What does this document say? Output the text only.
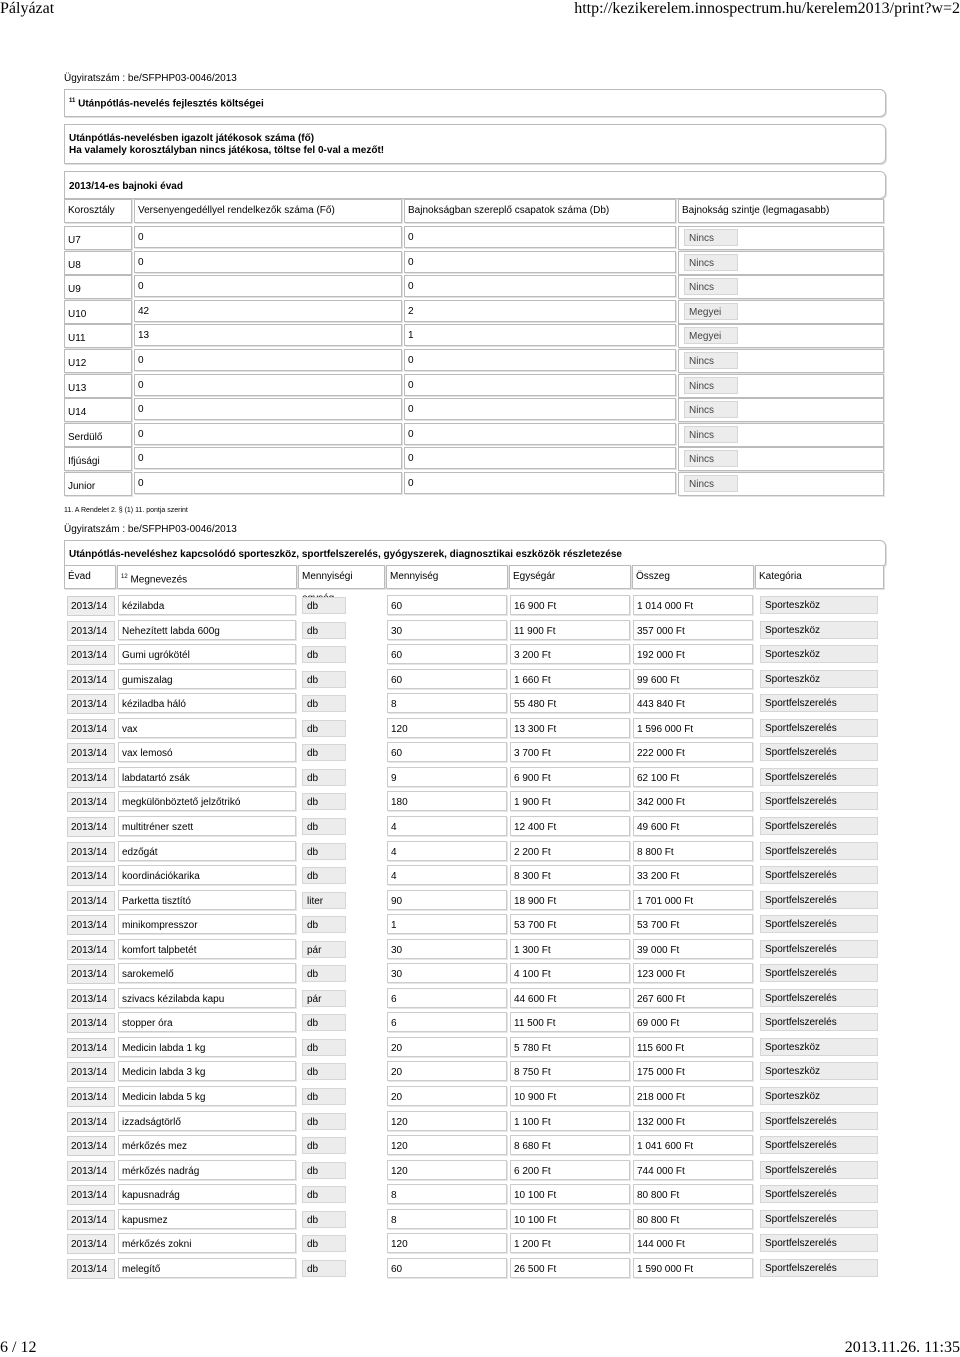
Pályázat	http://kezikerelem.innospectrum.hu/kerelem2013/print?w=2
Ügyiratszám : be/SFPHP03-0046/2013
$^{11}$ Utánpótlás-nevelés fejlesztés költségei
Utánpótlás-nevelésben igazolt játékosok száma (fő)
Ha valamely korosztályban nincs játékosa, töltse fel 0-val a mezőt!
2013/14-es bajnoki évad
Korosztály	Versenyengedéllyel rendelkezők száma (Fő)	Bajnokságban szereplő csapatok száma (Db)	Bajnokság szintje (legmagasabb)
U7	0	0	Nincs
U8	0	0	Nincs
U9	0	0	Nincs
U10	42	2	Megyei
U11	13	1	Megyei
U12	0	0	Nincs
U13	0	0	Nincs
U14	0	0	Nincs
Serdülő	0	0	Nincs
Ifjúsági	0	0	Nincs
Junior	0	0	Nincs
11. A Rendelet 2. § (1) 11. pontja szerint
Ügyiratszám : be/SFPHP03-0046/2013
Utánpótlás-neveléshez kapcsolódó sporteszköz, sportfelszerelés, gyógyszerek, diagnosztikai eszközök részletezése
Évad	$^{12}$ Megnevezés	Mennyiségi	Mennyiség	Egységár	Összeg	Kategória
2013/14	kézilabda	db	60	16 900 Ft	1 014 000 Ft	Sporteszköz
2013/14	Nehezített labda 600g	db	30	11 900 Ft	357 000 Ft	Sporteszköz
2013/14	Gumi ugrókötél	db	60	3 200 Ft	192 000 Ft	Sporteszköz
2013/14	gumiszalag	db	60	1 660 Ft	99 600 Ft	Sporteszköz
2013/14	kéziladba háló	db	8	55 480 Ft	443 840 Ft	Sportfelszerelés
2013/14	vax	db	120	13 300 Ft	1 596 000 Ft	Sportfelszerelés
2013/14	vax lemosó	db	60	3 700 Ft	222 000 Ft	Sportfelszerelés
2013/14	labdatartó zsák	db	9	6 900 Ft	62 100 Ft	Sportfelszerelés
2013/14	megkülönböztető jelzőtrikó	db	180	1 900 Ft	342 000 Ft	Sportfelszerelés
2013/14	multitréner szett	db	4	12 400 Ft	49 600 Ft	Sportfelszerelés
2013/14	edzőgát	db	4	2 200 Ft	8 800 Ft	Sportfelszerelés
2013/14	koordinációkarika	db	4	8 300 Ft	33 200 Ft	Sportfelszerelés
2013/14	Parketta tisztító	liter	90	18 900 Ft	1 701 000 Ft	Sportfelszerelés
2013/14	minikompresszor	db	1	53 700 Ft	53 700 Ft	Sportfelszerelés
2013/14	komfort talpbetét	pár	30	1 300 Ft	39 000 Ft	Sportfelszerelés
2013/14	sarokemelő	db	30	4 100 Ft	123 000 Ft	Sportfelszerelés
2013/14	szivacs kézilabda kapu	pár	6	44 600 Ft	267 600 Ft	Sportfelszerelés
2013/14	stopper óra	db	6	11 500 Ft	69 000 Ft	Sportfelszerelés
2013/14	Medicin labda 1 kg	db	20	5 780 Ft	115 600 Ft	Sporteszköz
2013/14	Medicin labda 3 kg	db	20	8 750 Ft	175 000 Ft	Sporteszköz
2013/14	Medicin labda 5 kg	db	20	10 900 Ft	218 000 Ft	Sporteszköz
2013/14	izzadságtörlő	db	120	1 100 Ft	132 000 Ft	Sportfelszerelés
2013/14	mérkőzés mez	db	120	8 680 Ft	1 041 600 Ft	Sportfelszerelés
2013/14	mérkőzés nadrág	db	120	6 200 Ft	744 000 Ft	Sportfelszerelés
2013/14	kapusnadrág	db	8	10 100 Ft	80 800 Ft	Sportfelszerelés
2013/14	kapusmez	db	8	10 100 Ft	80 800 Ft	Sportfelszerelés
2013/14	mérkőzés zokni	db	120	1 200 Ft	144 000 Ft	Sportfelszerelés
2013/14	melegítő	db	60	26 500 Ft	1 590 000 Ft	Sportfelszerelés
6 / 12	2013.11.26. 11:35
